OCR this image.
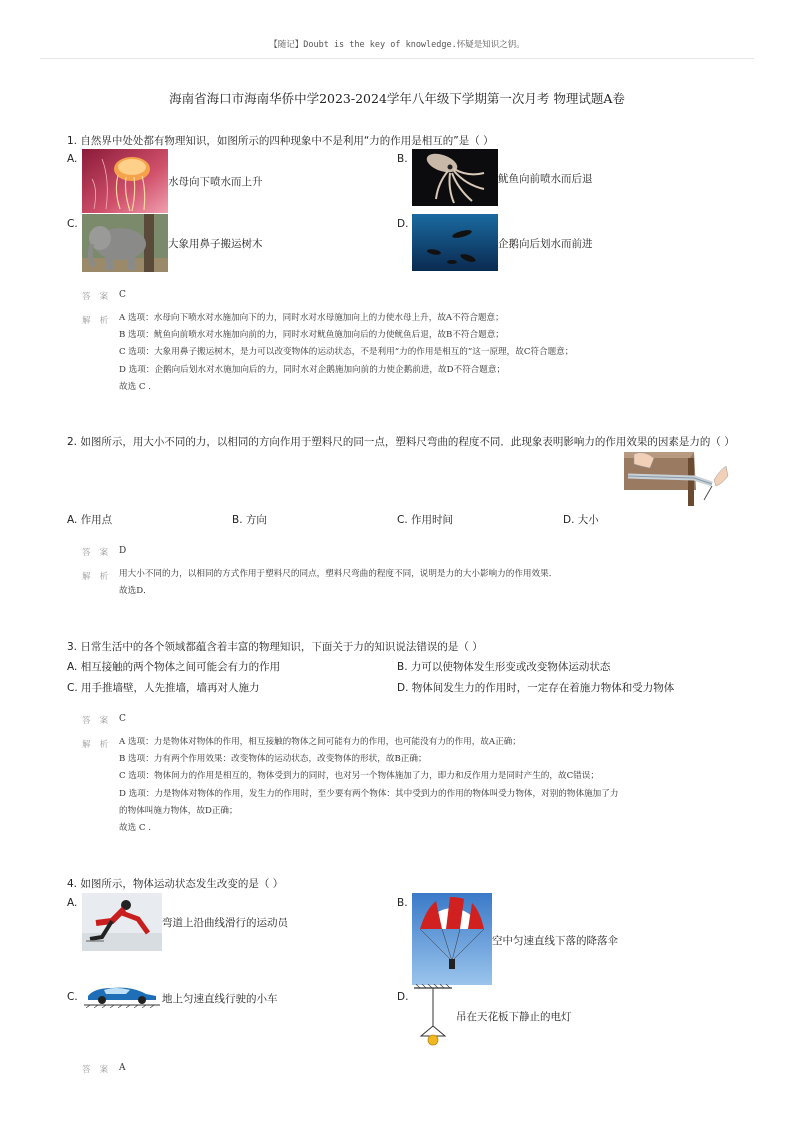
【随记】Doubt is the key of knowledge.怀疑是知识之钥。
海南省海口市海南华侨中学2023-2024学年八年级下学期第一次月考 物理试题A卷
1. 自然界中处处都有物理知识，如图所示的四种现象中不是利用“力的作用是相互的”是（ ）
A.
水母向下喷水而上升
B.
鱿鱼向前喷水而后退
C.
大象用鼻子搬运树木
D.
企鹅向后划水而前进
答 案 C
解 析 A 选项：水母向下喷水对水施加向下的力，同时水对水母施加向上的力使水母上升，故A不符合题意；
B 选项：鱿鱼向前喷水对水施加向前的力，同时水对鱿鱼施加向后的力使鱿鱼后退，故B不符合题意；
C 选项：大象用鼻子搬运树木，是力可以改变物体的运动状态，不是利用“力的作用是相互的”这一原理，故C符合题意；
D 选项：企鹅向后划水对水施加向后的力，同时水对企鹅施加向前的力使企鹅前进，故D不符合题意；
故选 C .
2. 如图所示，用大小不同的力，以相同的方向作用于塑料尺的同一点，塑料尺弯曲的程度不同．此现象表明影响力的作用效果的因素是力的（ ）
A. 作用点	B. 方向	C. 作用时间	D. 大小
答 案 D
解 析 用大小不同的力，以相同的方式作用于塑料尺的同点，塑料尺弯曲的程度不同，说明是力的大小影响力的作用效果．
故选D．
3. 日常生活中的各个领域都蕴含着丰富的物理知识，下面关于力的知识说法错误的是（ ）
A. 相互接触的两个物体之间可能会有力的作用	B. 力可以使物体发生形变或改变物体运动状态
C. 用手推墙壁，人先推墙，墙再对人施力	D. 物体间发生力的作用时，一定存在着施力物体和受力物体
答 案 C
解 析 A 选项：力是物体对物体的作用，相互接触的物体之间可能有力的作用，也可能没有力的作用，故A正确；
B 选项：力有两个作用效果：改变物体的运动状态，改变物体的形状，故B正确；
C 选项：物体间力的作用是相互的，物体受到力的同时，也对另一个物体施加了力，即力和反作用力是同时产生的，故C错误；
D 选项：力是物体对物体的作用，发生力的作用时，至少要有两个物体：其中受到力的作用的物体叫受力物体，对别的物体施加了力
的物体叫施力物体，故D正确；
故选 C .
4. 如图所示，物体运动状态发生改变的是（ ）
A.
弯道上沿曲线滑行的运动员
B.
空中匀速直线下落的降落伞
C.	地上匀速直线行驶的小车	D.
吊在天花板下静止的电灯
答 案 A
